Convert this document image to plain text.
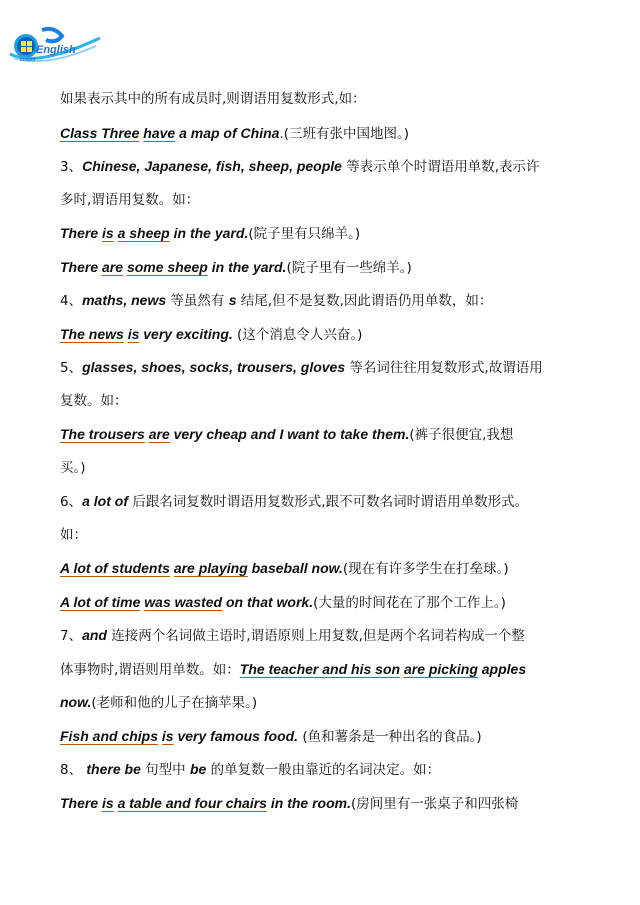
English
Instant
如果表示其中的所有成员时,则谓语用复数形式,如：
Class Three have a map of China.(三班有张中国地图。)
3、Chinese, Japanese, fish, sheep, people 等表示单个时谓语用单数,表示许
多时,谓语用复数。如：
There is a sheep in the yard.(院子里有只绵羊。)
There are some sheep in the yard.(院子里有一些绵羊。)
4、maths, news 等虽然有 s 结尾,但不是复数,因此谓语仍用单数，如：
The news is very exciting. (这个消息令人兴奋。)
5、glasses, shoes, socks, trousers, gloves 等名词往往用复数形式,故谓语用
复数。如：
The trousers are very cheap and I want to take them.(裤子很便宜,我想
买。)
6、a lot of 后跟名词复数时谓语用复数形式,跟不可数名词时谓语用单数形式。
如：
A lot of students are playing baseball now.(现在有许多学生在打垒球。)
A lot of time was wasted on that work.(大量的时间花在了那个工作上。)
7、and 连接两个名词做主语时,谓语原则上用复数,但是两个名词若构成一个整
体事物时,谓语则用单数。如：The teacher and his son are picking apples
now.(老师和他的儿子在摘苹果。)
Fish and chips is very famous food. (鱼和薯条是一种出名的食品。)
8、 there be 句型中 be 的单复数一般由靠近的名词决定。如：
There is a table and four chairs in the room.(房间里有一张桌子和四张椅
